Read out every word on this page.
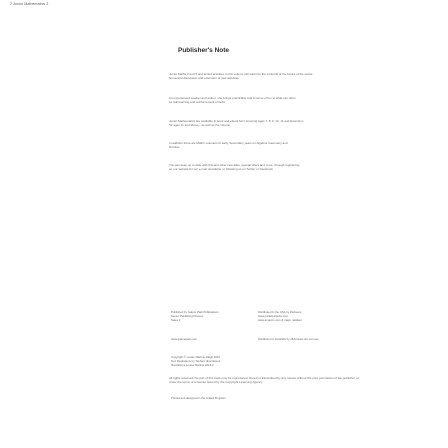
2 Junior Mathematics 2
Publisher's Note
Junior Maths 2 and 3 and tested activities in this volume will reinforce the contents of the books of the series
Numerical discussion and extension of new activities
An experienced teacher and author, she brings practicality and a sense of fun to what can often
be dull learning and reinforcement of facts
Junior Mathematics are available in book and ebook form covering ages 7, 8, 9, 10, 11 and Extension
for ages 11 and above - as well as the volume
In addition there are Maths volumes for early Secondary years on Algebra, Geometry and
Number
You can keep up to date with this and other new titles, special offers and more, through registering
on our website for our e-mail newsletter or following us on Twitter or Facebook
Published by Galore Park Publications
Senior Publishing Director
Sales 0
www.galorepark.com
Copyright © Louise Martine Haigh 2016
Text illustrations by Topham Illustrations
Illustrations Louise Martine 2016 2
Distributed in the USA by Parkwest
www.parkwestpubs.com
www.amazon.com & major retailers
Distributed in Australia by OLM www.olm.com.au
All rights reserved. No part of this book may be reproduced, stored or transmitted by any means without the prior permission of the publisher, or
under the terms of a license issued by the Copyright Licensing Agency
Printed and designed in the United Kingdom
